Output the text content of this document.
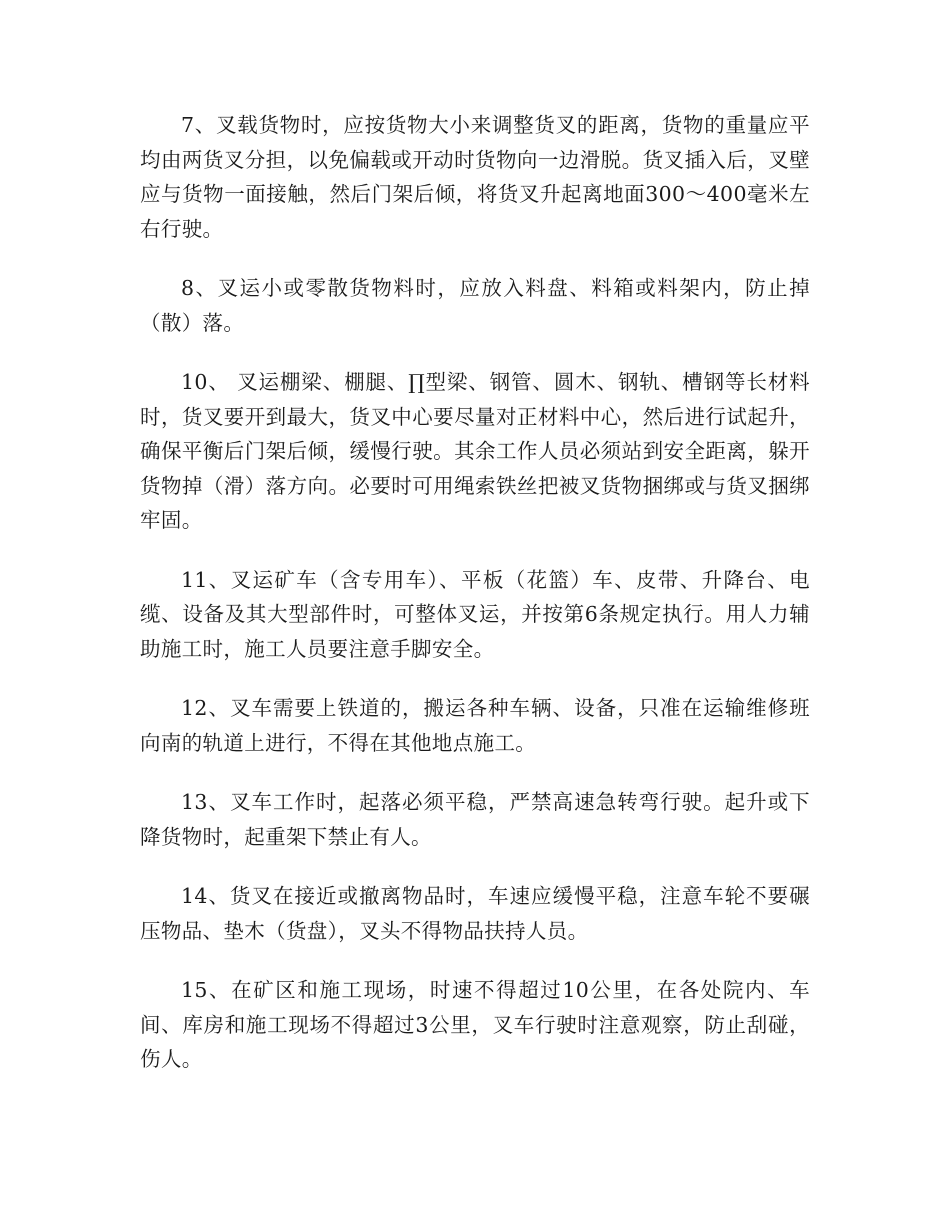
7、叉载货物时，应按货物大小来调整货叉的距离，货物的重量应平均由两货叉分担，以免偏载或开动时货物向一边滑脱。货叉插入后，叉壁应与货物一面接触，然后门架后倾，将货叉升起离地面300～400毫米左右行驶。

8、叉运小或零散货物料时，应放入料盘、料箱或料架内，防止掉（散）落。

10、 叉运棚梁、棚腿、∏型梁、钢管、圆木、钢轨、槽钢等长材料时，货叉要开到最大，货叉中心要尽量对正材料中心，然后进行试起升，确保平衡后门架后倾，缓慢行驶。其余工作人员必须站到安全距离，躲开货物掉（滑）落方向。必要时可用绳索铁丝把被叉货物捆绑或与货叉捆绑牢固。

11、叉运矿车（含专用车）、平板（花篮）车、皮带、升降台、电缆、设备及其大型部件时，可整体叉运，并按第6条规定执行。用人力辅助施工时，施工人员要注意手脚安全。

12、叉车需要上铁道的，搬运各种车辆、设备，只准在运输维修班向南的轨道上进行，不得在其他地点施工。

13、叉车工作时，起落必须平稳，严禁高速急转弯行驶。起升或下降货物时，起重架下禁止有人。

14、货叉在接近或撤离物品时，车速应缓慢平稳，注意车轮不要碾压物品、垫木（货盘），叉头不得物品扶持人员。

15、在矿区和施工现场，时速不得超过10公里，在各处院内、车间、库房和施工现场不得超过3公里，叉车行驶时注意观察，防止刮碰，伤人。
